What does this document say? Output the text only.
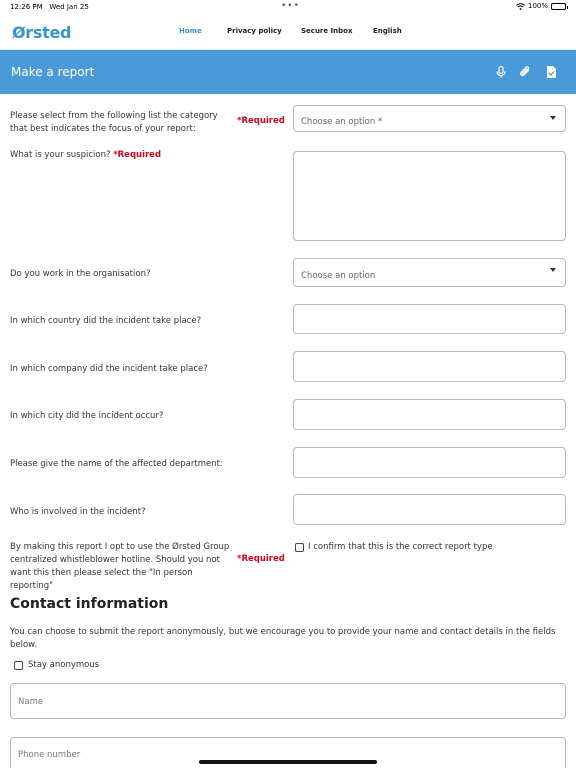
12:26 PM Wed Jan 25	•••	100%
Ørsted	Home	Privacy policy	Secure Inbox	English
Make a report
Please select from the following list the category that best indicates the focus of your report:
*Required Choose an option *
What is your suspicion? *Required
Do you work in the organisation?	Choose an option
In which country did the incident take place?
In which company did the incident take place?
In which city did the incident occur?
Please give the name of the affected department:
Who is involved in the incident?
By making this report I opt to use the Ørsted Group centralized whistleblower hotline. Should you not want this then please select the "In person reporting"
*Required
I confirm that this is the correct report type
Contact information
You can choose to submit the report anonymously, but we encourage you to provide your name and contact details in the fields below.
Stay anonymous
Name
Phone number
